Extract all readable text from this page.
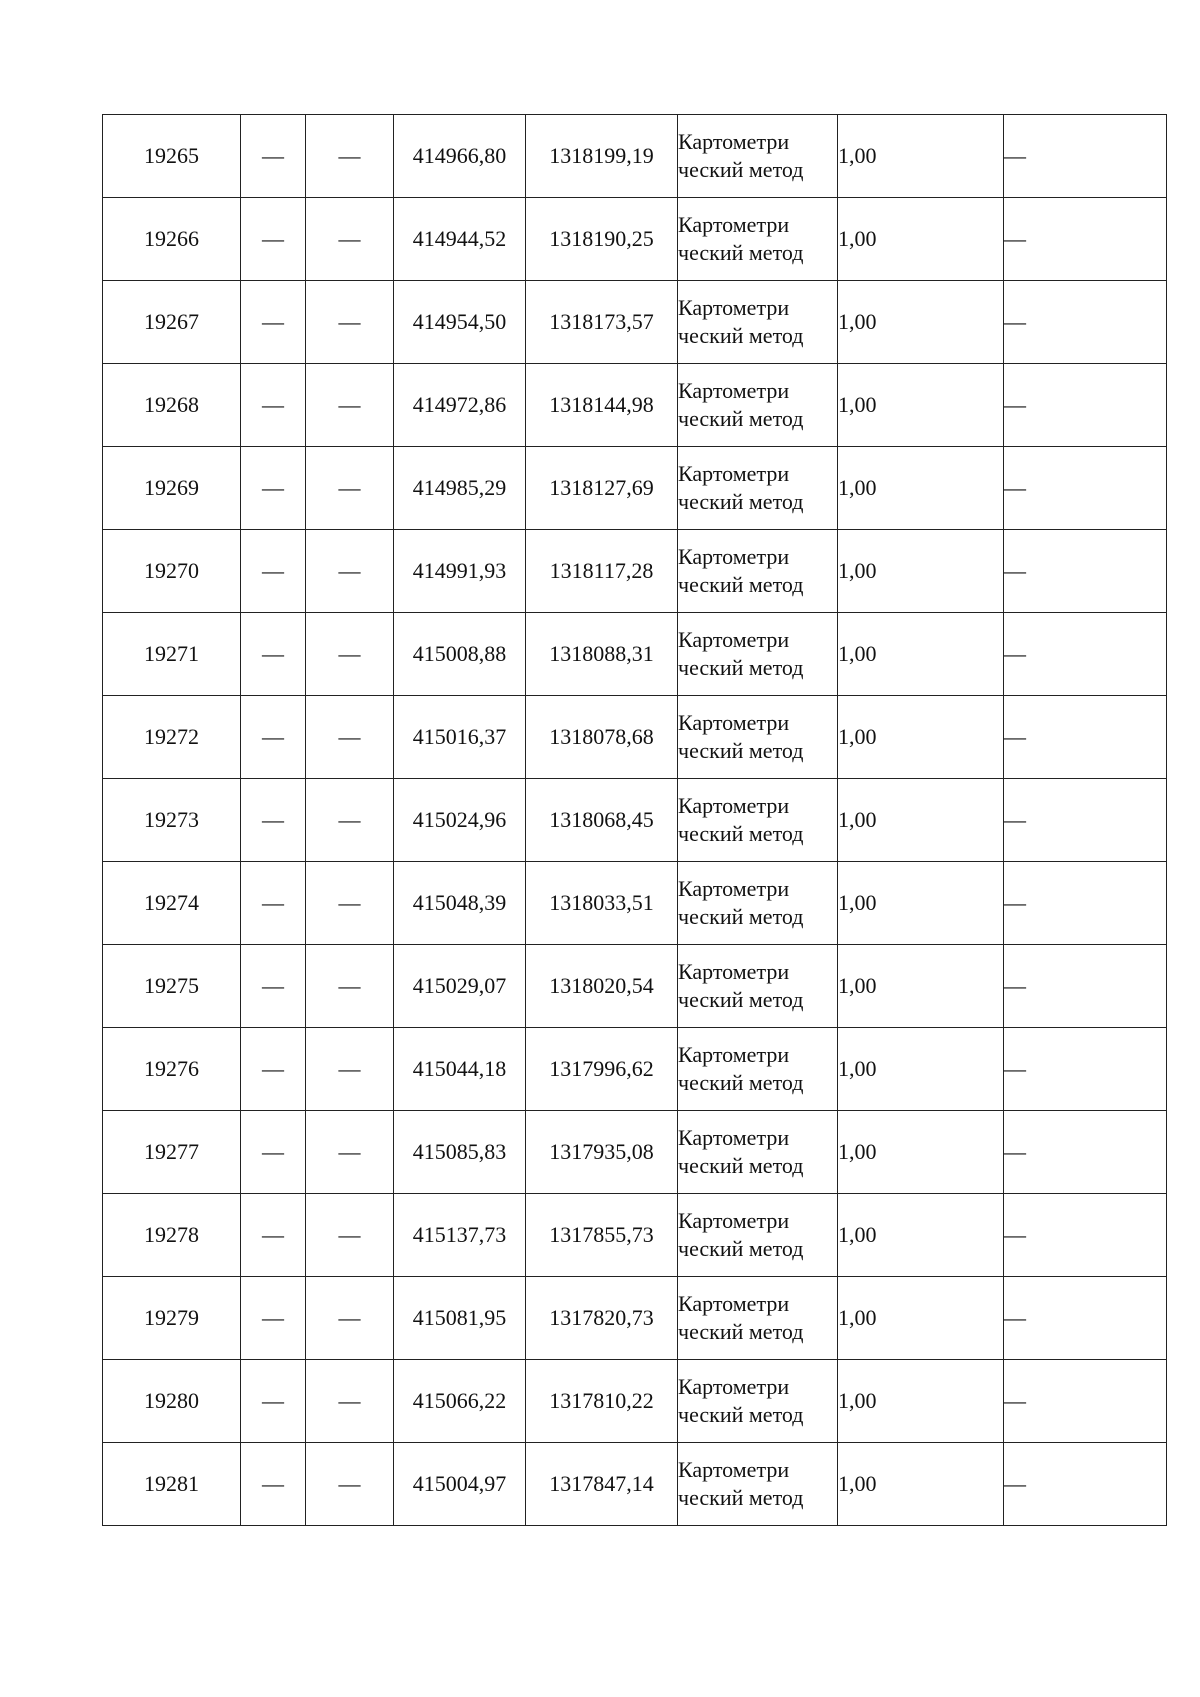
19265	—	—	414966,80	1318199,19	Картометри ческий метод	1,00	—
19266	—	—	414944,52	1318190,25	Картометри ческий метод	1,00	—
19267	—	—	414954,50	1318173,57	Картометри ческий метод	1,00	—
19268	—	—	414972,86	1318144,98	Картометри ческий метод	1,00	—
19269	—	—	414985,29	1318127,69	Картометри ческий метод	1,00	—
19270	—	—	414991,93	1318117,28	Картометри ческий метод	1,00	—
19271	—	—	415008,88	1318088,31	Картометри ческий метод	1,00	—
19272	—	—	415016,37	1318078,68	Картометри ческий метод	1,00	—
19273	—	—	415024,96	1318068,45	Картометри ческий метод	1,00	—
19274	—	—	415048,39	1318033,51	Картометри ческий метод	1,00	—
19275	—	—	415029,07	1318020,54	Картометри ческий метод	1,00	—
19276	—	—	415044,18	1317996,62	Картометри ческий метод	1,00	—
19277	—	—	415085,83	1317935,08	Картометри ческий метод	1,00	—
19278	—	—	415137,73	1317855,73	Картометри ческий метод	1,00	—
19279	—	—	415081,95	1317820,73	Картометри ческий метод	1,00	—
19280	—	—	415066,22	1317810,22	Картометри ческий метод	1,00	—
19281	—	—	415004,97	1317847,14	Картометри ческий метод	1,00	—
